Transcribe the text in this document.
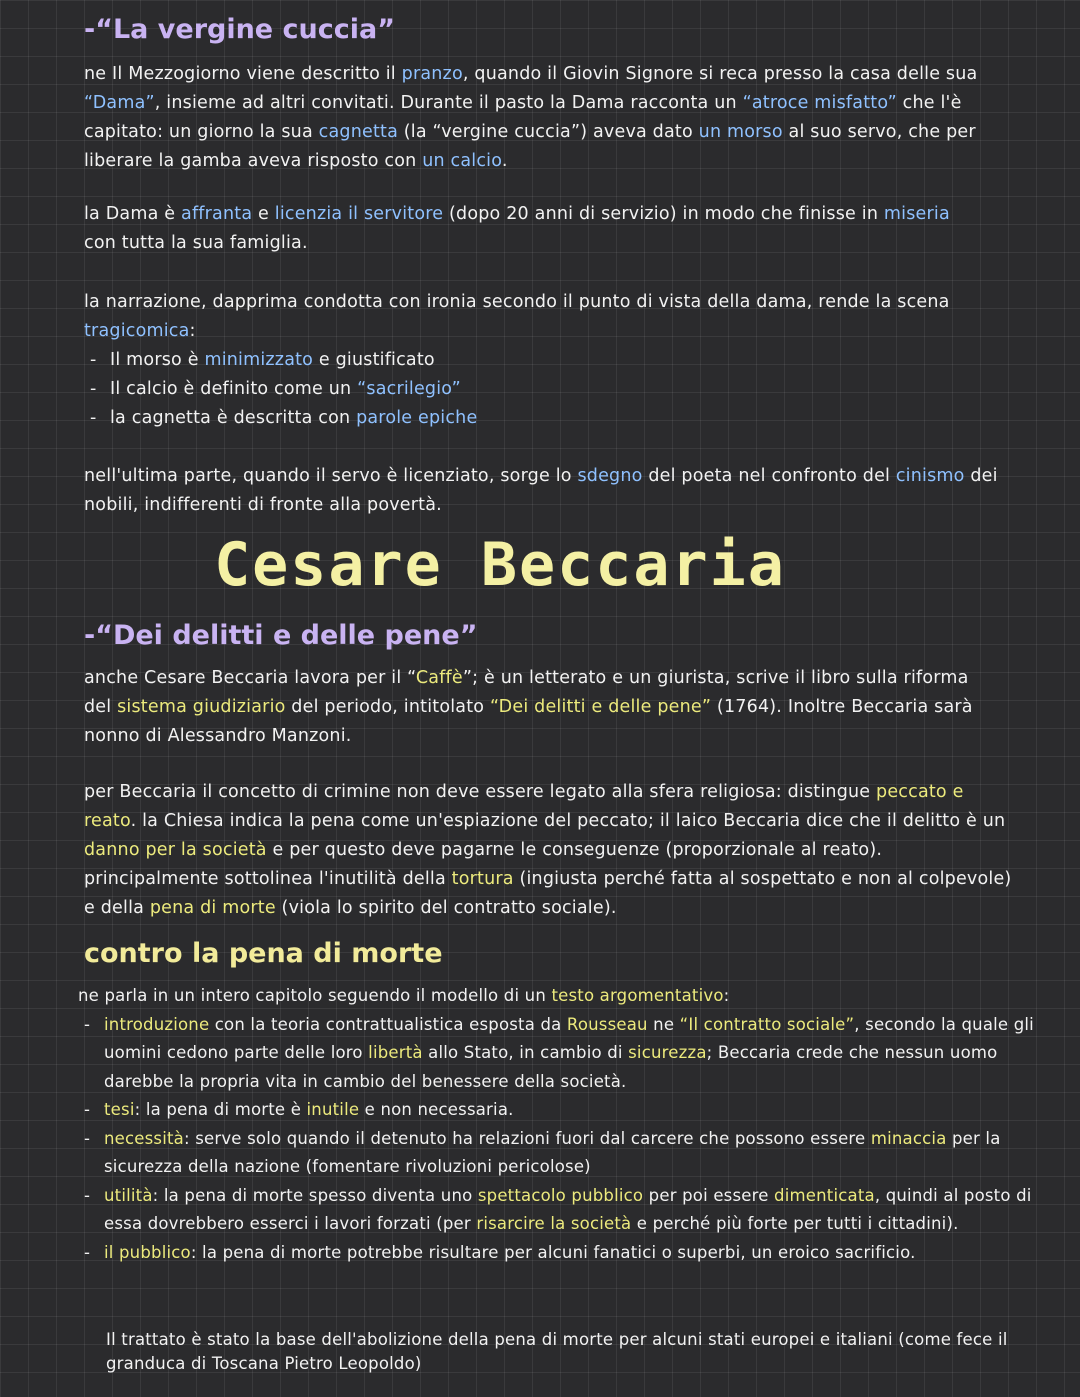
-“La vergine cuccia”

ne Il Mezzogiorno viene descritto il pranzo, quando il Giovin Signore si reca presso la casa delle sua “Dama”, insieme ad altri convitati. Durante il pasto la Dama racconta un “atroce misfatto” che l'è capitato: un giorno la sua cagnetta (la “vergine cuccia”) aveva dato un morso al suo servo, che per liberare la gamba aveva risposto con un calcio.

la Dama è affranta e licenzia il servitore (dopo 20 anni di servizio) in modo che finisse in miseria con tutta la sua famiglia.

la narrazione, dapprima condotta con ironia secondo il punto di vista della dama, rende la scena tragicomica:

- Il morso è minimizzato e giustificato
- Il calcio è definito come un “sacrilegio”
- la cagnetta è descritta con parole epiche

nell'ultima parte, quando il servo è licenziato, sorge lo sdegno del poeta nel confronto del cinismo dei nobili, indifferenti di fronte alla povertà.

Cesare Beccaria
-“Dei delitti e delle pene”

anche Cesare Beccaria lavora per il “Caffè”; è un letterato e un giurista, scrive il libro sulla riforma del sistema giudiziario del periodo, intitolato “Dei delitti e delle pene” (1764). Inoltre Beccaria sarà nonno di Alessandro Manzoni.

per Beccaria il concetto di crimine non deve essere legato alla sfera religiosa: distingue peccato e reato. la Chiesa indica la pena come un'espiazione del peccato; il laico Beccaria dice che il delitto è un danno per la società e per questo deve pagarne le conseguenze (proporzionale al reato). principalmente sottolinea l'inutilità della tortura (ingiusta perché fatta al sospettato e non al colpevole) e della pena di morte (viola lo spirito del contratto sociale).

contro la pena di morte

ne parla in un intero capitolo seguendo il modello di un testo argomentativo:

- introduzione con la teoria contrattualistica esposta da Rousseau ne “Il contratto sociale”, secondo la quale gli uomini cedono parte delle loro libertà allo Stato, in cambio di sicurezza; Beccaria crede che nessun uomo darebbe la propria vita in cambio del benessere della società.
- tesi: la pena di morte è inutile e non necessaria.
- necessità: serve solo quando il detenuto ha relazioni fuori dal carcere che possono essere minaccia per la sicurezza della nazione (fomentare rivoluzioni pericolose)
- utilità: la pena di morte spesso diventa uno spettacolo pubblico per poi essere dimenticata, quindi al posto di essa dovrebbero esserci i lavori forzati (per risarcire la società e perché più forte per tutti i cittadini).
- il pubblico: la pena di morte potrebbe risultare per alcuni fanatici o superbi, un eroico sacrificio.

Il trattato è stato la base dell'abolizione della pena di morte per alcuni stati europei e italiani (come fece il granduca di Toscana Pietro Leopoldo)
